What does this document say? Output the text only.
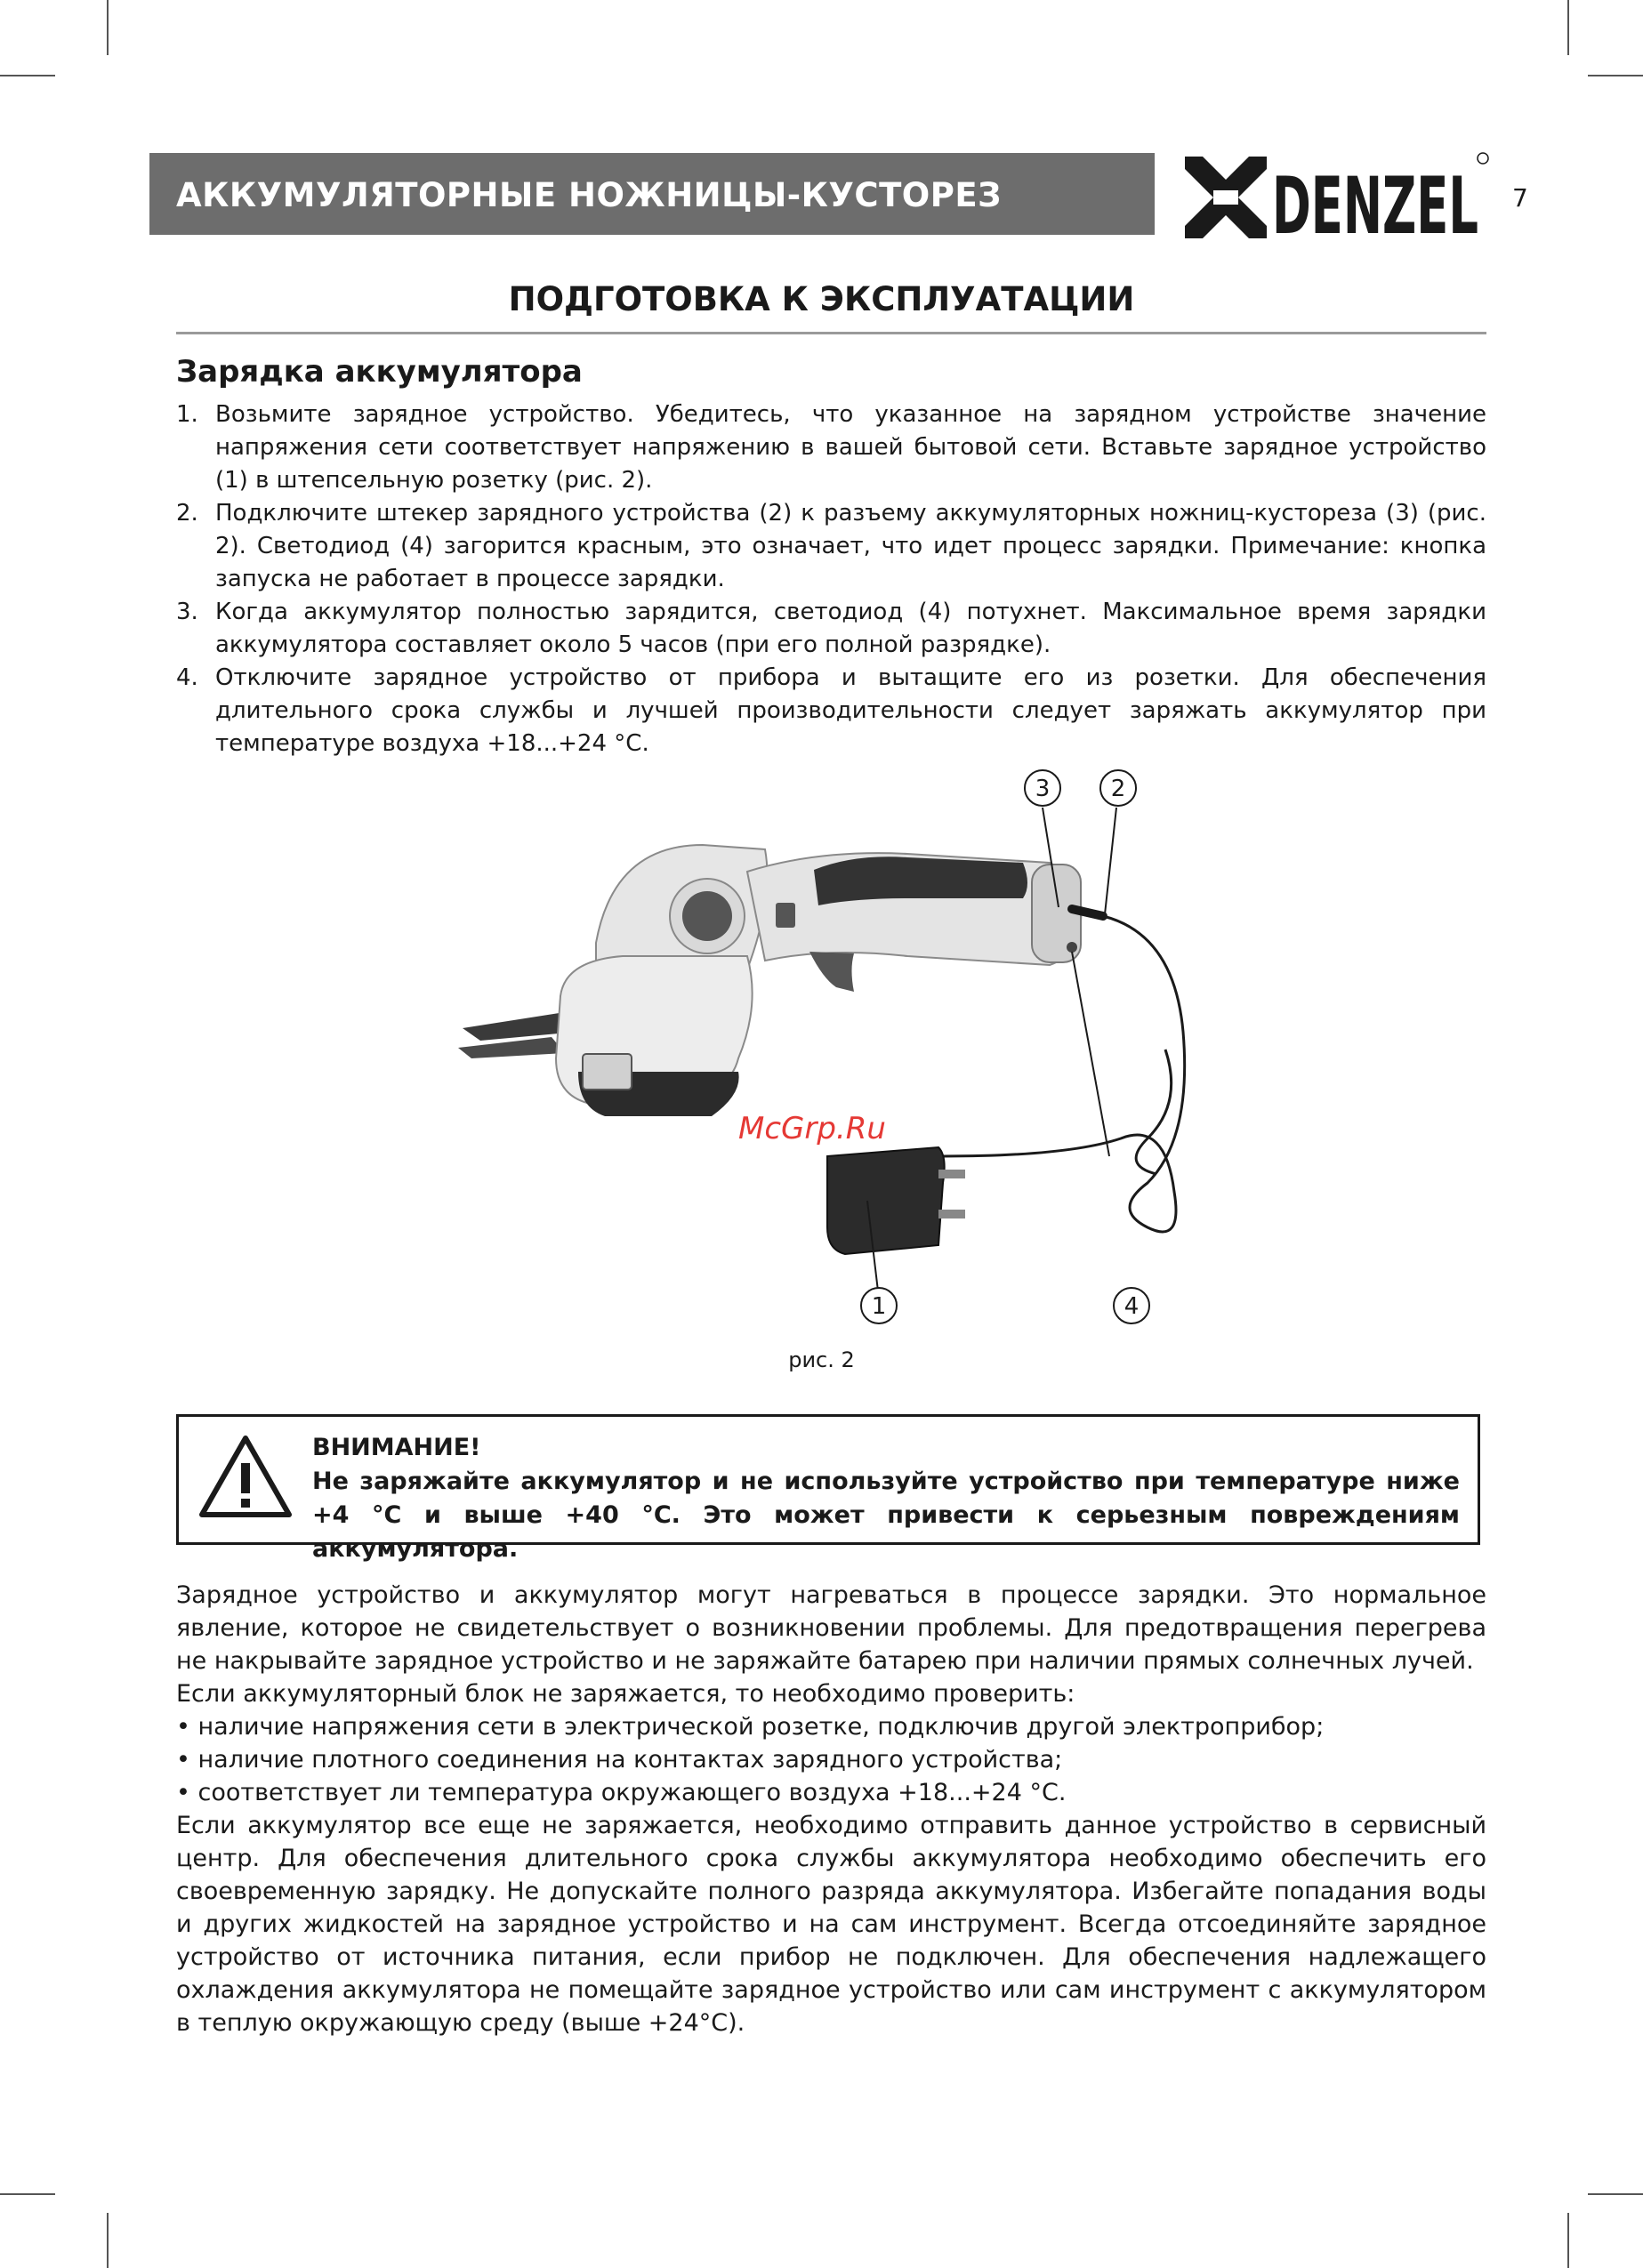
АККУМУЛЯТОРНЫЕ НОЖНИЦЫ-КУСТОРЕЗ	DENZEL 7
ПОДГОТОВКА К ЭКСПЛУАТАЦИИ
Зарядка аккумулятора
1. Возьмите зарядное устройство. Убедитесь, что указанное на зарядном устройстве значение напряжения сети соответствует напряжению в вашей бытовой сети. Вставьте зарядное устройство (1) в штепсельную розетку (рис. 2).
2. Подключите штекер зарядного устройства (2) к разъему аккумуляторных ножниц-кустореза (3) (рис. 2). Светодиод (4) загорится красным, это означает, что идет процесс зарядки. Примечание: кнопка запуска не работает в процессе зарядки.
3. Когда аккумулятор полностью зарядится, светодиод (4) потухнет. Максимальное время зарядки аккумулятора составляет около 5 часов (при его полной разрядке).
4. Отключите зарядное устройство от прибора и вытащите его из розетки. Для обеспечения длительного срока службы и лучшей производительности следует заряжать аккумулятор при температуре воздуха +18...+24 °С.
McGrp.Ru
3	2
1	4
рис. 2
ВНИМАНИЕ!
Не заряжайте аккумулятор и не используйте устройство при температуре ниже +4 °С и выше +40 °С. Это может привести к серьезным повреждениям аккумулятора.

Зарядное устройство и аккумулятор могут нагреваться в процессе зарядки. Это нормальное явление, которое не свидетельствует о возникновении проблемы. Для предотвращения перегрева не накрывайте зарядное устройство и не заряжайте батарею при наличии прямых солнечных лучей.

Если аккумуляторный блок не заряжается, то необходимо проверить:

• наличие напряжения сети в электрической розетке, подключив другой электроприбор;

• наличие плотного соединения на контактах зарядного устройства;

• соответствует ли температура окружающего воздуха +18...+24 °С.

Если аккумулятор все еще не заряжается, необходимо отправить данное устройство в сервисный центр. Для обеспечения длительного срока службы аккумулятора необходимо обеспечить его своевременную зарядку. Не допускайте полного разряда аккумулятора. Избегайте попадания воды и других жидкостей на зарядное устройство и на сам инструмент. Всегда отсоединяйте зарядное устройство от источника питания, если прибор не подключен. Для обеспечения надлежащего охлаждения аккумулятора не помещайте зарядное устройство или сам инструмент с аккумулятором в теплую окружающую среду (выше +24°С).
